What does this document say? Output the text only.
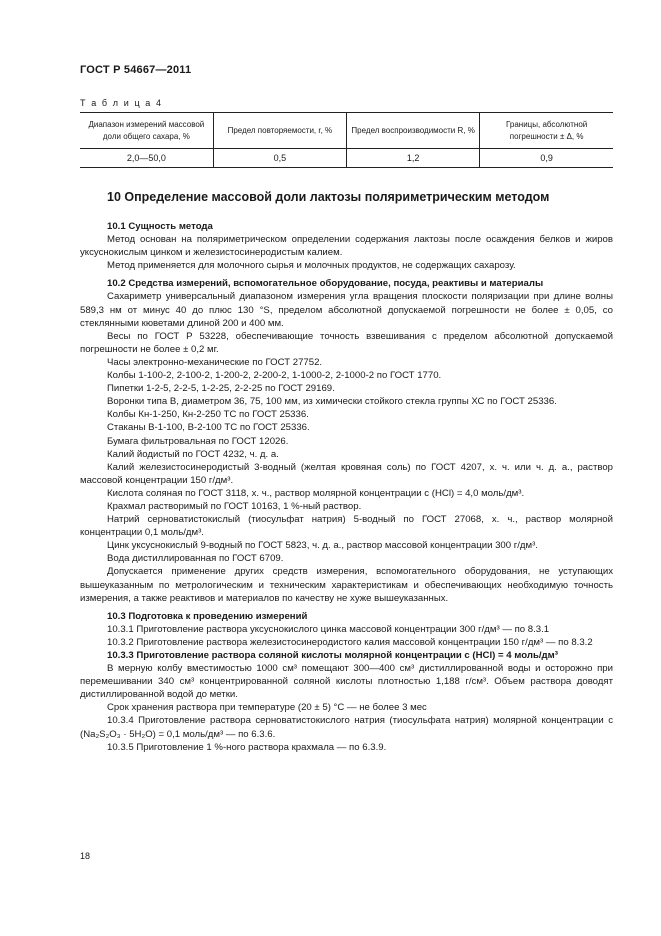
ГОСТ Р 54667—2011
Т а б л и ц а 4
Диапазон измерений массовой доли общего сахара, %	Предел повторяемости, r, %	Предел воспроизводимости R, %	Границы, абсолютной погрешности ± Δ, %
2,0—50,0	0,5	1,2	0,9
10 Определение массовой доли лактозы поляриметрическим методом

10.1 Сущность метода

Метод основан на поляриметрическом определении содержания лактозы после осаждения белков и жиров уксуснокислым цинком и железистосинеродистым калием.

Метод применяется для молочного сырья и молочных продуктов, не содержащих сахарозу.

10.2 Средства измерений, вспомогательное оборудование, посуда, реактивы и материалы

Сахариметр универсальный диапазоном измерения угла вращения плоскости поляризации при длине волны 589,3 нм от минус 40 до плюс 130 °S, пределом абсолютной допускаемой погрешности не более ± 0,05, со стеклянными кюветами длиной 200 и 400 мм.

Весы по ГОСТ Р 53228, обеспечивающие точность взвешивания с пределом абсолютной допускаемой погрешности не более ± 0,2 мг.

Часы электронно-механические по ГОСТ 27752.

Колбы 1-100-2, 2-100-2, 1-200-2, 2-200-2, 1-1000-2, 2-1000-2 по ГОСТ 1770.

Пипетки 1-2-5, 2-2-5, 1-2-25, 2-2-25 по ГОСТ 29169.

Воронки типа В, диаметром 36, 75, 100 мм, из химически стойкого стекла группы ХС по ГОСТ 25336.

Колбы Кн-1-250, Кн-2-250 ТС по ГОСТ 25336.

Стаканы В-1-100, В-2-100 ТС по ГОСТ 25336.

Бумага фильтровальная по ГОСТ 12026.

Калий йодистый по ГОСТ 4232, ч. д. а.

Калий железистосинеродистый 3-водный (желтая кровяная соль) по ГОСТ 4207, х. ч. или ч. д. а., раствор массовой концентрации 150 г/дм³.

Кислота соляная по ГОСТ 3118, х. ч., раствор молярной концентрации c (HCl) = 4,0 моль/дм³.

Крахмал растворимый по ГОСТ 10163, 1 %-ный раствор.

Натрий серноватистокислый (тиосульфат натрия) 5-водный по ГОСТ 27068, х. ч., раствор молярной концентрации 0,1 моль/дм³.

Цинк уксуснокислый 9-водный по ГОСТ 5823, ч. д. а., раствор массовой концентрации 300 г/дм³.

Вода дистиллированная по ГОСТ 6709.

Допускается применение других средств измерения, вспомогательного оборудования, не уступающих вышеуказанным по метрологическим и техническим характеристикам и обеспечивающих необходимую точность измерения, а также реактивов и материалов по качеству не хуже вышеуказанных.

10.3 Подготовка к проведению измерений

10.3.1 Приготовление раствора уксуснокислого цинка массовой концентрации 300 г/дм³ — по 8.3.1

10.3.2 Приготовление раствора железистосинеродистого калия массовой концентрации 150 г/дм³ — по 8.3.2

10.3.3 Приготовление раствора соляной кислоты молярной концентрации c (HCl) = 4 моль/дм³

В мерную колбу вместимостью 1000 см³ помещают 300—400 см³ дистиллированной воды и осторожно при перемешивании 340 см³ концентрированной соляной кислоты плотностью 1,188 г/см³. Объем раствора доводят дистиллированной водой до метки.

Срок хранения раствора при температуре (20 ± 5) °С — не более 3 мес

10.3.4 Приготовление раствора серноватистокислого натрия (тиосульфата натрия) молярной концентрации с (Na₂S₂O₃ · 5H₂O) = 0,1 моль/дм³ — по 6.3.6.

10.3.5 Приготовление 1 %-ного раствора крахмала — по 6.3.9.

18
